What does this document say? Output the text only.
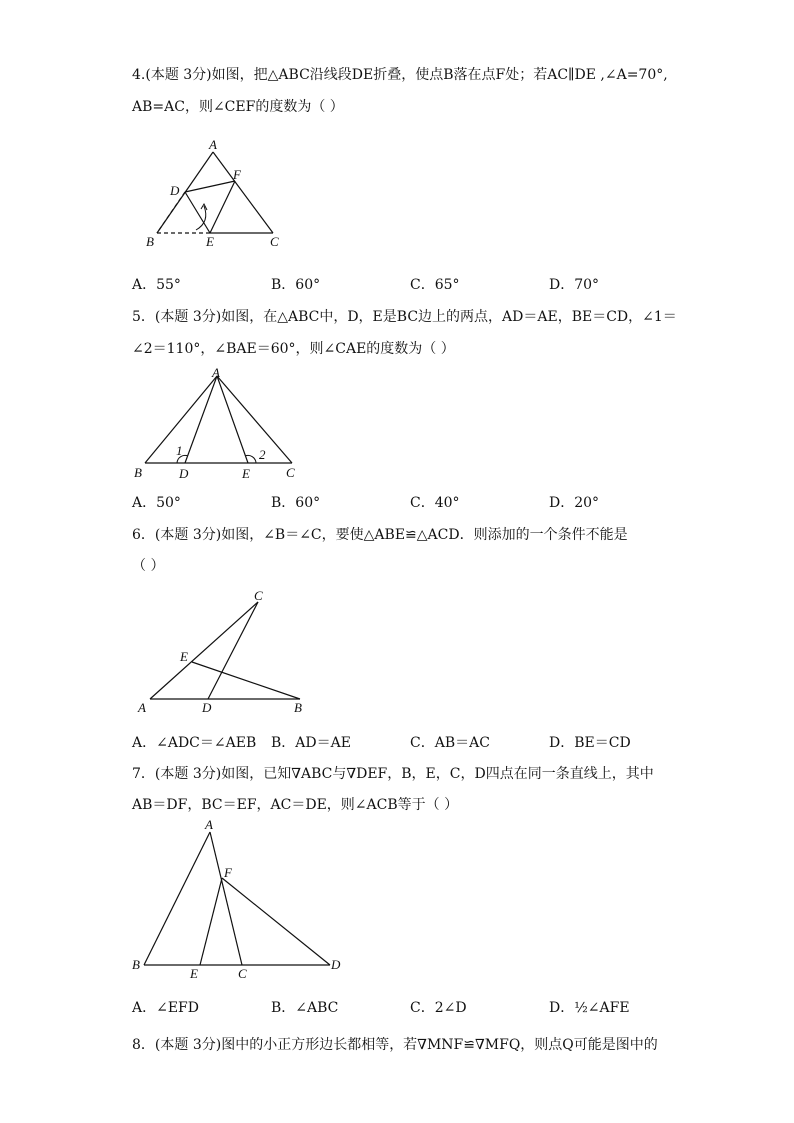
4.(本题 3分)如图，把△ABC沿线段DE折叠，使点B落在点F处；若AC∥DE ,∠A=70°,
AB=AC，则∠CEF的度数为（ ）
A
D
F
B	E	C
A．55°	B．60°	C．65°	D．70°
5．(本题 3分)如图，在△ABC中，D，E是BC边上的两点，AD＝AE，BE＝CD，∠1＝
∠2＝110°，∠BAE＝60°，则∠CAE的度数为（ ）
A
1	2
B	D	E	C
A．50°	B．60°	C．40°	D．20°
6．(本题 3分)如图，∠B＝∠C，要使△ABE≌△ACD．则添加的一个条件不能是
（ ）
C
E
A	D	B
A．∠ADC＝∠AEB B．AD＝AE	C．AB＝AC	D．BE＝CD
7．(本题 3分)如图，已知∇ABC与∇DEF，B，E，C，D四点在同一条直线上，其中
AB＝DF，BC＝EF，AC＝DE，则∠ACB等于（ ）
A
F
B
E	C
D
A．∠EFD	B．∠ABC	C．2∠D	D．½∠AFE
8．(本题 3分)图中的小正方形边长都相等，若∇MNF≌∇MFQ，则点Q可能是图中的
